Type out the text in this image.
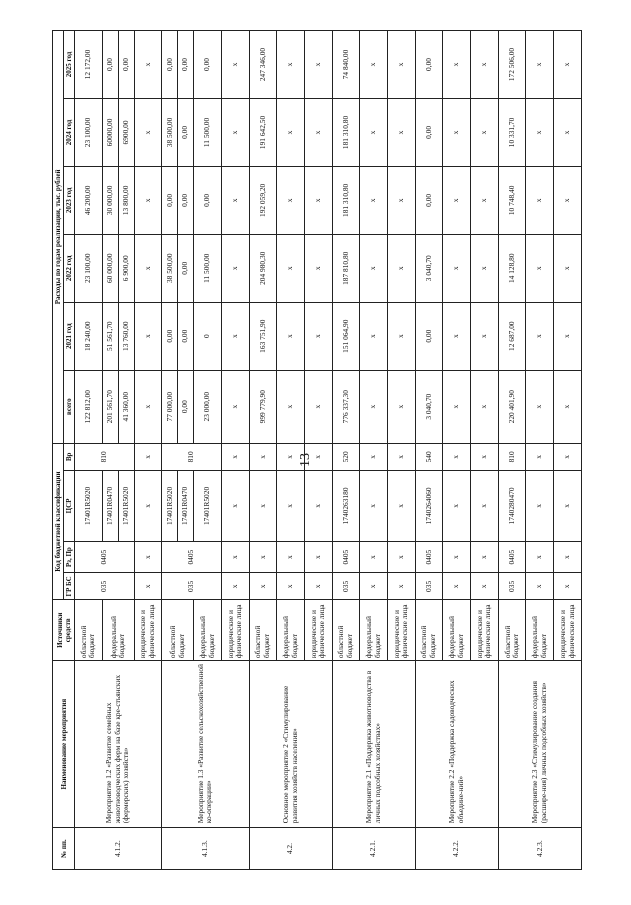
13
№ пп.	Наименование мероприятия	Источники средств	Код бюджетной классификации				Расходы по годам реализации, тыс. рублей					
			ГР БС	Рз, Пр	ЦСР	Вр	всего	2021 год	2022 год	2023 год	2024 год	2025 год
4.1.2.	Мероприятие 1.2 «Развитие семейных животноводческих ферм на базе кре-стьянских (фермерских) хозяйств»	областной бюджет	035	0405	17401R5020	810	122 812,00	18 240,00	23 100,00	46 200,00	23 100,00	12 172,00
		федеральный бюджет			17401R0470		201 561,70	51 561,70	60 000,00	30 000,00	60000,00	0,00
					17401R5020		41 360,00	13 760,00	6 900,00	13 800,00	6900,00	0,00
		юридические и физические лица	x	x	x	x	x	x	x	x	x	x
4.1.3.	Мероприятие 1.3 «Развитие сельскохозяйственной ко-операции»	областной бюджет	035	0405	17401R5020	810	77 000,00	0,00	38 500,00	0,00	38 500,00	0,00
					17401R0470		0,00	0,00	0,00	0,00	0,00	0,00
		федеральный бюджет			17401R5020		23 000,00	0	11 500,00	0,00	11 500,00	0,00
		юридические и физические лица	x	x	x	x	x	x	x	x	x	x
4.2.	Основное мероприятие 2 «Стимулирование развития хозяйств населения»	областной бюджет	x	x	x	x	999 779,90	163 751,90	204 980,30	192 059,20	191 642,50	247 346,00
		федеральный бюджет	x	x	x	x	x	x	x	x	x	x
		юридические и физические лица	x	x	x	x	x	x	x	x	x	x
4.2.1.	Мероприятие 2.1 «Поддержка животноводства в личных подсобных хозяйствах»	областной бюджет	035	0405	1740263180	520	776 337,30	151 064,90	187 810,80	181 310,80	181 310,80	74 840,00
		федеральный бюджет	x	x	x	x	x	x	x	x	x	x
		юридические и физические лица	x	x	x	x	x	x	x	x	x	x
4.2.2.	Мероприятие 2.2 «Поддержка садоводческих объедине-ний»	областной бюджет	035	0405	1740264060	540	3 040,70	0,00	3 040,70	0,00	0,00	0,00
		федеральный бюджет	x	x	x	x	x	x	x	x	x	x
		юридические и физические лица	x	x	x	x	x	x	x	x	x	x
4.2.3.	Мероприятие 2.3 «Стимулирование создания (расшире-ния) личных подсобных хозяйств»	областной бюджет	035	0405	1740280470	810	220 401,90	12 687,00	14 128,80	10 748,40	10 331,70	172 506,00
		федеральный бюджет	x	x	x	x	x	x	x	x	x	x
		юридические и физические лица	x	x	x	x	x	x	x	x	x	x
